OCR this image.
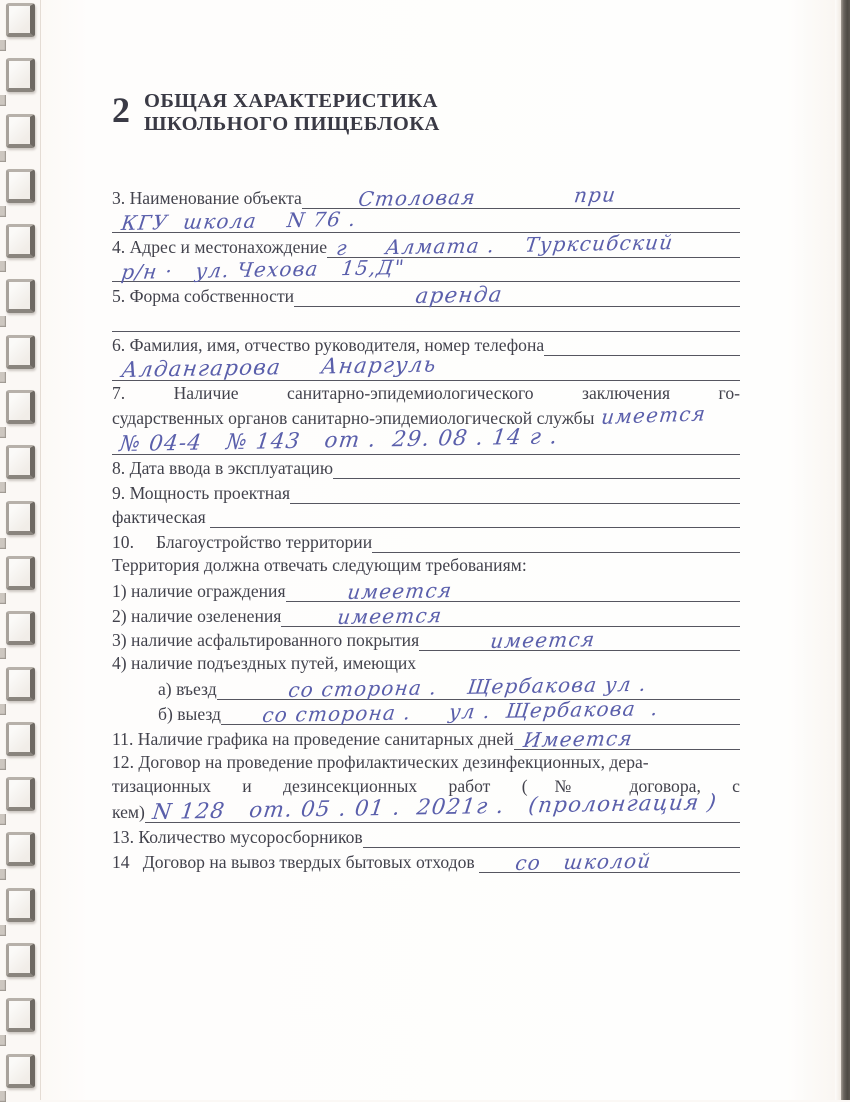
2 ОБЩАЯ ХАРАКТЕРИСТИКА
ШКОЛЬНОГО ПИЩЕБЛОКА
3. Наименование объекта	Столовая             при
КГУ  школа    N 76 .
4. Адрес и местонахождение г     Алмата .    Турксибский
р/н ·   ул. Чехова   15,Д"
5. Форма собственности	аренда
6. Фамилия, имя, отчество руководителя, номер телефона
Алдангарова     Анаргуль
7. Наличие санитарно-эпидемиологического заключения го-
сударственных органов санитарно-эпидемиологической службы имеется
№ 04-4   № 143   от .  29. 08 . 14 г .
8. Дата ввода в эксплуатацию
9. Мощность проектная
фактическая
10.     Благоустройство территории
Территория должна отвечать следующим требованиям:
1) наличие ограждения	имеется
2) наличие озеленения	имеется
3) наличие асфальтированного покрытия	имеется
4) наличие подъездных путей, имеющих
а) въезд	со сторона .    Щербакова ул .
б) выезд со сторона .     ул .  Щербакова  .
11. Наличие графика на проведение санитарных дней Имеется
12. Договор на проведение профилактических дезинфекционных, дера-
тизационных и дезинсекционных работ (№ договора, с
кем) N 128   от. 05 . 01 .  2021г .   (пролонгация )
13. Количество мусоросборников
14   Договор на вывоз твердых бытовых отходов со   школой
